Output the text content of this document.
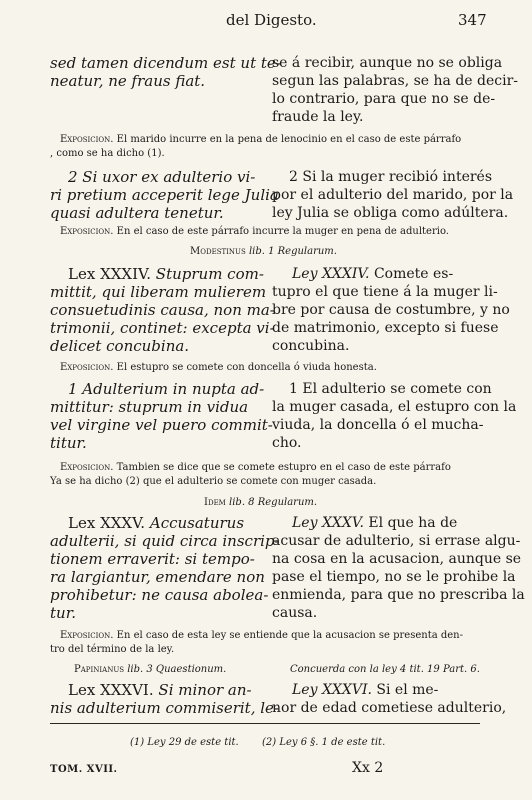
del Digesto.	347
sed tamen dicendum est ut te-
neatur, ne fraus fiat.
se á recibir, aunque no se obliga
segun las palabras, se ha de decir-
lo contrario, para que no se de-
fraude la ley.
Exposicion. El marido incurre en la pena de lenocinio en el caso de este párrafo
, como se ha dicho (1).
2 Si uxor ex adulterio vi-
ri pretium acceperit lege Julia
quasi adultera tenetur.
2 Si la muger recibió interés
por el adulterio del marido, por la
ley Julia se obliga como adúltera.
Exposicion. En el caso de este párrafo incurre la muger en pena de adulterio.
Modestinus lib. 1 Regularum.
Lex XXXIV. Stuprum com-
mittit, qui liberam mulierem
consuetudinis causa, non ma-
trimonii, continet: excepta vi-
delicet concubina.
Ley XXXIV. Comete es-
tupro el que tiene á la muger li-
bre por causa de costumbre, y no
de matrimonio, excepto si fuese
concubina.
Exposicion. El estupro se comete con doncella ó viuda honesta.
1 Adulterium in nupta ad-
mittitur: stuprum in vidua
vel virgine vel puero commit-
titur.
1 El adulterio se comete con
la muger casada, el estupro con la
viuda, la doncella ó el mucha-
cho.
Exposicion. Tambien se dice que se comete estupro en el caso de este párrafo
Ya se ha dicho (2) que el adulterio se comete con muger casada.
Idem lib. 8 Regularum.
Lex XXXV. Accusaturus
adulterii, si quid circa inscrip-
tionem erraverit: si tempo-
ra largiantur, emendare non
prohibetur: ne causa abolea-
tur.
Ley XXXV. El que ha de
acusar de adulterio, si errase algu-
na cosa en la acusacion, aunque se
pase el tiempo, no se le prohibe la
enmienda, para que no prescriba la
causa.
Exposicion. En el caso de esta ley se entiende que la acusacion se presenta den-
tro del término de la ley.
Papinianus lib. 3 Quaestionum.	Concuerda con la ley 4 tit. 19 Part. 6.
Lex XXXVI. Si minor an-
nis adulterium commiserit, le-
Ley XXXVI. Si el me-
nor de edad cometiese adulterio,
(1) Ley 29 de este tit. (2) Ley 6 §. 1 de este tit.
TOM. XVII.	Xx 2
